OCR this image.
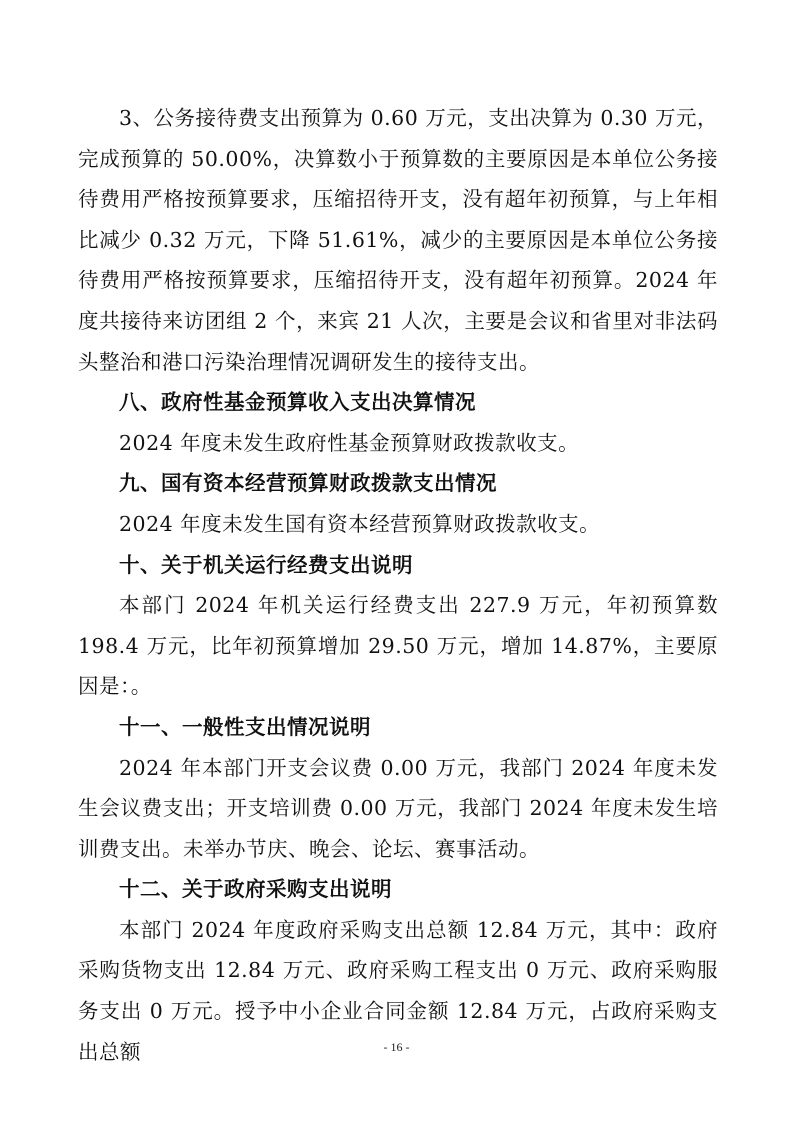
3、公务接待费支出预算为 0.60 万元，支出决算为 0.30 万元，完成预算的 50.00%，决算数小于预算数的主要原因是本单位公务接待费用严格按预算要求，压缩招待开支，没有超年初预算，与上年相比减少 0.32 万元，下降 51.61%，减少的主要原因是本单位公务接待费用严格按预算要求，压缩招待开支，没有超年初预算。2024 年度共接待来访团组 2 个，来宾 21 人次，主要是会议和省里对非法码头整治和港口污染治理情况调研发生的接待支出。

八、政府性基金预算收入支出决算情况

2024 年度未发生政府性基金预算财政拨款收支。

九、国有资本经营预算财政拨款支出情况

2024 年度未发生国有资本经营预算财政拨款收支。

十、关于机关运行经费支出说明

本部门 2024 年机关运行经费支出 227.9 万元，年初预算数 198.4 万元，比年初预算增加 29.50 万元，增加 14.87%，主要原因是：。

十一、一般性支出情况说明

2024 年本部门开支会议费 0.00 万元，我部门 2024 年度未发生会议费支出；开支培训费 0.00 万元，我部门 2024 年度未发生培训费支出。未举办节庆、晚会、论坛、赛事活动。

十二、关于政府采购支出说明

本部门 2024 年度政府采购支出总额 12.84 万元，其中：政府采购货物支出 12.84 万元、政府采购工程支出 0 万元、政府采购服务支出 0 万元。授予中小企业合同金额 12.84 万元，占政府采购支出总额	- 16 -
